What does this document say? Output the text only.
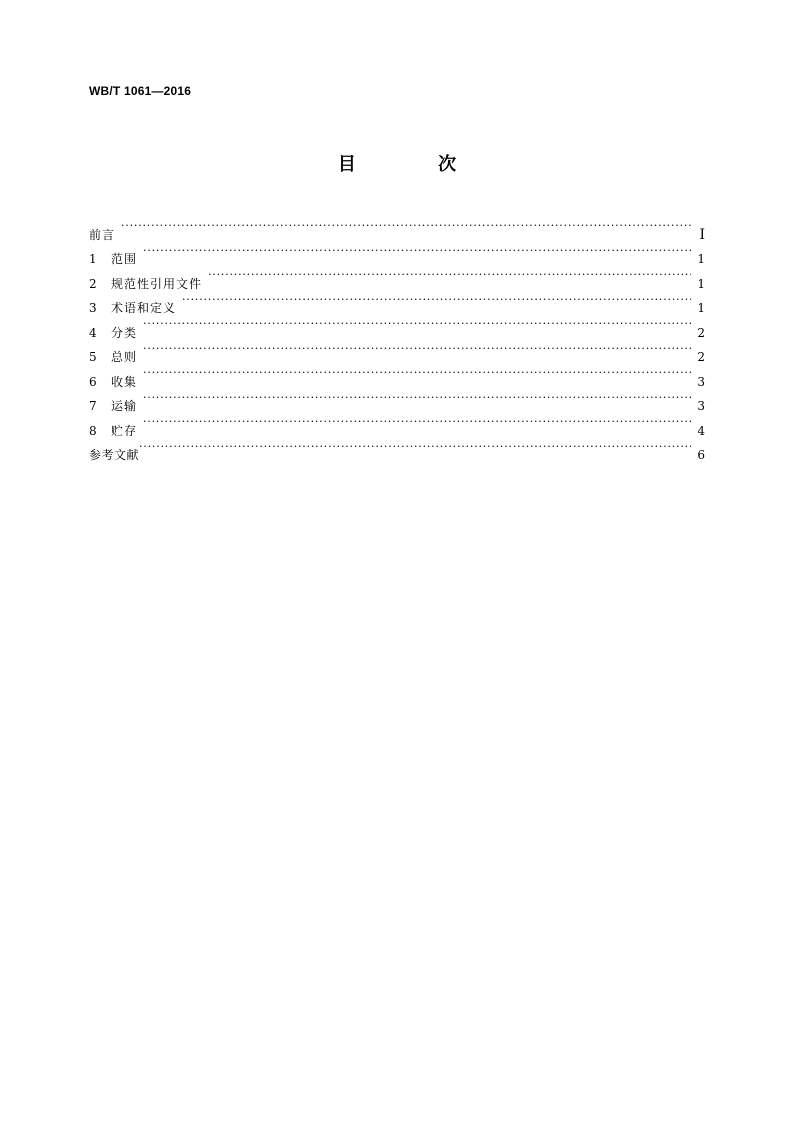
WB/T 1061—2016
目 次
前言 ·····	I
1	范围 ·····	1
2	规范性引用文件 ·····	1
3	术语和定义 ·····	1
4	分类 ·····	2
5	总则 ·····	2
6	收集 ·····	3
7	运输 ·····	3
8	贮存 ·····	4
参考文献 ·····	6
